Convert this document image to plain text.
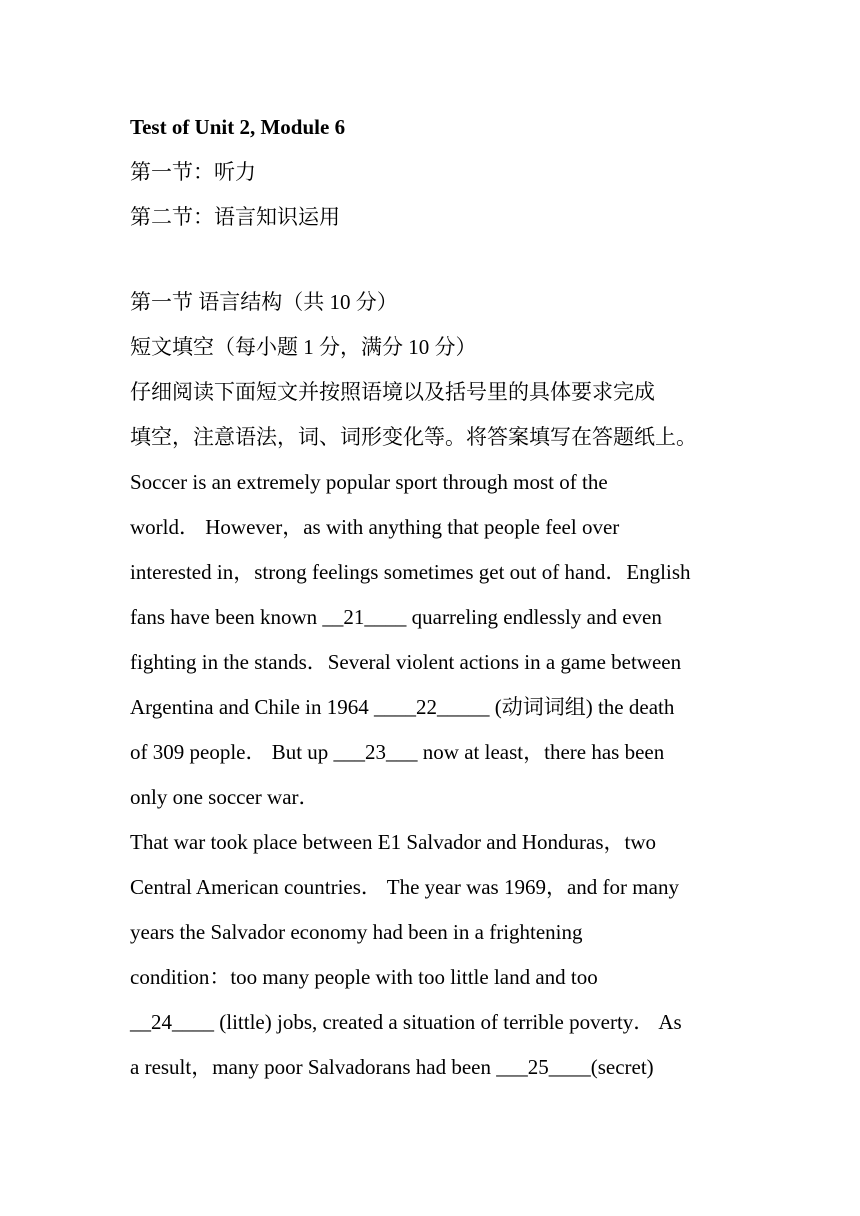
Test of Unit 2, Module 6
第一节：听力
第二节：语言知识运用
第一节 语言结构（共 10 分）
短文填空（每小题 1 分，满分 10 分）
仔细阅读下面短文并按照语境以及括号里的具体要求完成
填空，注意语法，词、词形变化等。将答案填写在答题纸上。
Soccer is an extremely popular sport through most of the
world． However，as with anything that people feel over
interested in，strong feelings sometimes get out of hand．English
fans have been known __21____ quarreling endlessly and even
fighting in the stands．Several violent actions in a game between
Argentina and Chile in 1964 ____22_____ (动词词组) the death
of 309 people． But up ___23___ now at least，there has been
only one soccer war．
That war took place between E1 Salvador and Honduras，two
Central American countries． The year was 1969，and for many
years the Salvador economy had been in a frightening
condition：too many people with too little land and too
__24____ (little) jobs, created a situation of terrible poverty． As
a result，many poor Salvadorans had been ___25____(secret)
